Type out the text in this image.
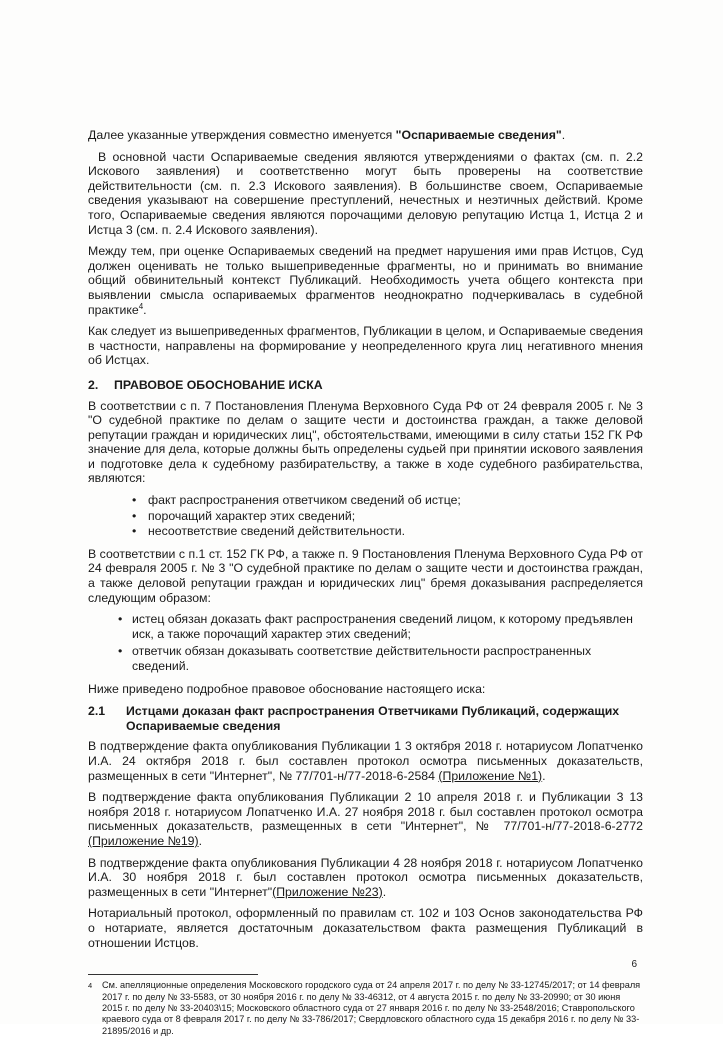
Далее указанные утверждения совместно именуется "Оспариваемые сведения".

В основной части Оспариваемые сведения являются утверждениями о фактах (см. п. 2.2 Искового заявления) и соответственно могут быть проверены на соответствие действительности (см. п. 2.3 Искового заявления). В большинстве своем, Оспариваемые сведения указывают на совершение преступлений, нечестных и неэтичных действий. Кроме того, Оспариваемые сведения являются порочащими деловую репутацию Истца 1, Истца 2 и Истца 3 (см. п. 2.4 Искового заявления).

Между тем, при оценке Оспариваемых сведений на предмет нарушения ими прав Истцов, Суд должен оценивать не только вышеприведенные фрагменты, но и принимать во внимание общий обвинительный контекст Публикаций. Необходимость учета общего контекста при выявлении смысла оспариваемых фрагментов неоднократно подчеркивалась в судебной практике$^4$.

Как следует из вышеприведенных фрагментов, Публикации в целом, и Оспариваемые сведения в частности, направлены на формирование у неопределенного круга лиц негативного мнения об Истцах.

2.	ПРАВОВОЕ ОБОСНОВАНИЕ ИСКА

В соответствии с п. 7 Постановления Пленума Верховного Суда РФ от 24 февраля 2005 г. № 3 "О судебной практике по делам о защите чести и достоинства граждан, а также деловой репутации граждан и юридических лиц", обстоятельствами, имеющими в силу статьи 152 ГК РФ значение для дела, которые должны быть определены судьей при принятии искового заявления и подготовке дела к судебному разбирательству, а также в ходе судебного разбирательства, являются:

• факт распространения ответчиком сведений об истце;
• порочащий характер этих сведений;
• несоответствие сведений действительности.

В соответствии с п.1 ст. 152 ГК РФ, а также п. 9 Постановления Пленума Верховного Суда РФ от 24 февраля 2005 г. № 3 "О судебной практике по делам о защите чести и достоинства граждан, а также деловой репутации граждан и юридических лиц" бремя доказывания распределяется следующим образом:

• истец обязан доказать факт распространения сведений лицом, к которому предъявлен иск, а также порочащий характер этих сведений;
• ответчик обязан доказывать соответствие действительности распространенных сведений.

Ниже приведено подробное правовое обоснование настоящего иска:

2.1	Истцами доказан факт распространения Ответчиками Публикаций, содержащих Оспариваемые сведения

В подтверждение факта опубликования Публикации 1 3 октября 2018 г. нотариусом Лопатченко И.А. 24 октября 2018 г. был составлен протокол осмотра письменных доказательств, размещенных в сети "Интернет", № 77/701-н/77-2018-6-2584 (Приложение №1).

В подтверждение факта опубликования Публикации 2 10 апреля 2018 г. и Публикации 3 13 ноября 2018 г. нотариусом Лопатченко И.А. 27 ноября 2018 г. был составлен протокол осмотра письменных доказательств, размещенных в сети "Интернет", № 77/701-н/77-2018-6-2772 (Приложение №19).

В подтверждение факта опубликования Публикации 4 28 ноября 2018 г. нотариусом Лопатченко И.А. 30 ноября 2018 г. был составлен протокол осмотра письменных доказательств, размещенных в сети "Интернет"(Приложение №23).

Нотариальный протокол, оформленный по правилам ст. 102 и 103 Основ законодательства РФ о нотариате, является достаточным доказательством факта размещения Публикаций в отношении Истцов.

4	См. апелляционные определения Московского городского суда от 24 апреля 2017 г. по делу № 33-12745/2017; от 14 февраля 2017 г. по делу № 33-5583, от 30 ноября 2016 г. по делу № 33-46312, от 4 августа 2015 г. по делу № 33-20990; от 30 июня 2015 г. по делу № 33-20403\15; Московского областного суда от 27 января 2016 г. по делу № 33-2548/2016; Ставропольского краевого суда от 8 февраля 2017 г. по делу № 33-786/2017; Свердловского областного суда 15 декабря 2016 г. по делу № 33-21895/2016 и др.
6
